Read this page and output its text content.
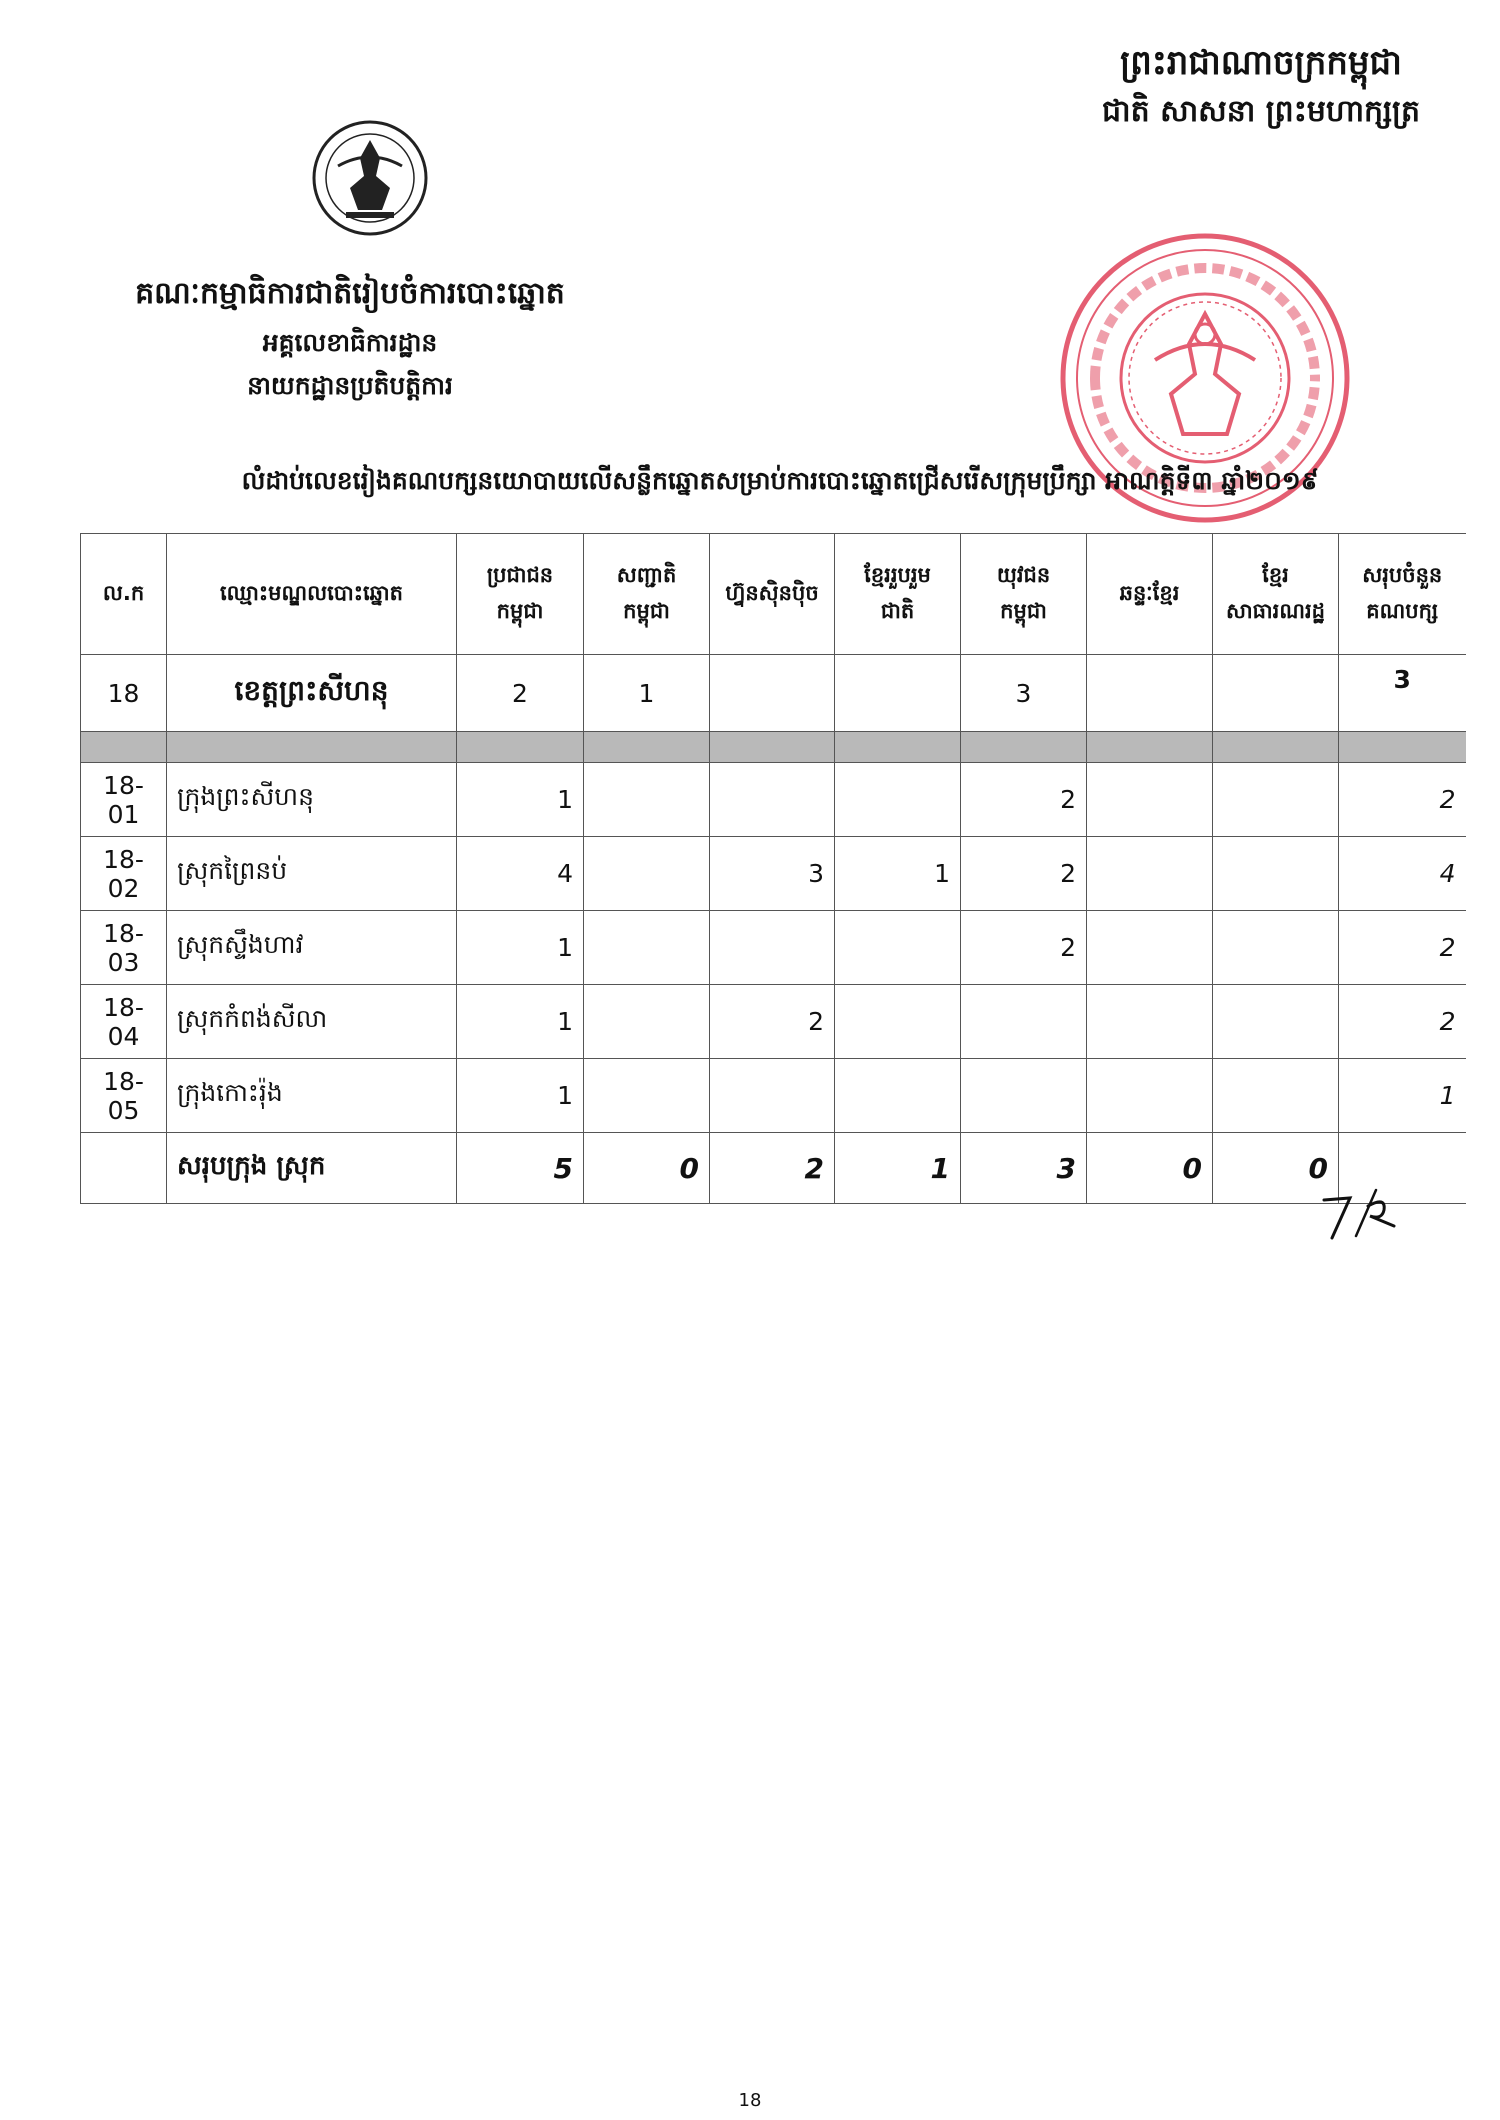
ព្រះរាជាណាចក្រកម្ពុជា
ជាតិ សាសនា ព្រះមហាក្សត្រ
គណៈកម្មាធិការជាតិរៀបចំការបោះឆ្នោត
អគ្គលេខាធិការដ្ឋាន
នាយកដ្ឋានប្រតិបត្តិការ
លំដាប់លេខរៀងគណបក្សនយោបាយលើសន្លឹកឆ្នោតសម្រាប់ការបោះឆ្នោតជ្រើសរើសក្រុមប្រឹក្សា អាណត្តិទី៣ ឆ្នាំ២០១៩
ល.ក	ឈ្មោះមណ្ឌលបោះឆ្នោត	ប្រជាជន កម្ពុជា	សញ្ជាតិ កម្ពុជា	ហ្វ៊ុនស៊ិនប៉ិច	ខ្មែររួបរួម ជាតិ	យុវជន កម្ពុជា	ឆន្ទៈខ្មែរ	ខ្មែរ សាធារណរដ្ឋ	សរុបចំនួន គណបក្ស
18	ខេត្តព្រះសីហនុ	2	1			3			3

18-01	ក្រុងព្រះសីហនុ	1				2			2
18-02	ស្រុកព្រៃនប់	4		3	1	2			4
18-03	ស្រុកស្ទឹងហាវ	1				2			2
18-04	ស្រុកកំពង់សីលា	1		2					2
18-05	ក្រុងកោះរ៉ុង	1							1
	សរុបក្រុង ស្រុក	5	0	2	1	3	0	0	
18
